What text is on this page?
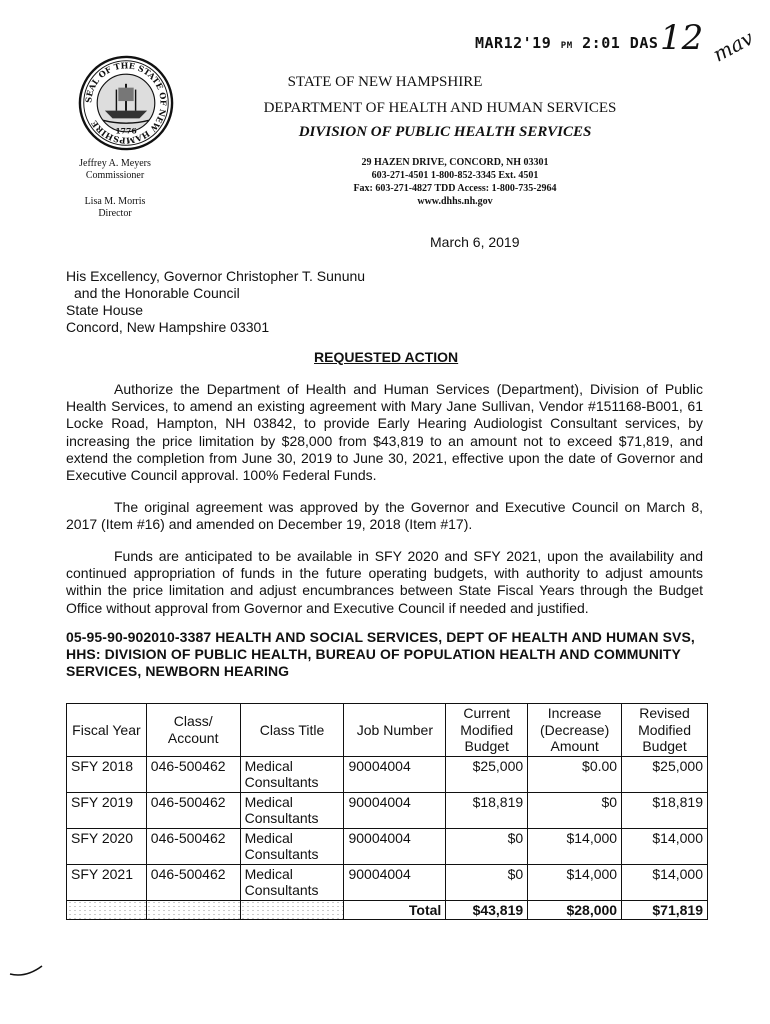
MAR12'19 PM 2:01 DAS 12 mav
SEAL OF THE STATE OF NEW HAMPSHIRE
1776
STATE OF NEW HAMPSHIRE
DEPARTMENT OF HEALTH AND HUMAN SERVICES
DIVISION OF PUBLIC HEALTH SERVICES
29 HAZEN DRIVE, CONCORD, NH 03301
603-271-4501 1-800-852-3345 Ext. 4501
Fax: 603-271-4827 TDD Access: 1-800-735-2964
www.dhhs.nh.gov
Jeffrey A. Meyers
Commissioner
Lisa M. Morris
Director
March 6, 2019
His Excellency, Governor Christopher T. Sununu
and the Honorable Council
State House
Concord, New Hampshire 03301
REQUESTED ACTION
Authorize the Department of Health and Human Services (Department), Division of Public Health Services, to amend an existing agreement with Mary Jane Sullivan, Vendor #151168-B001, 61 Locke Road, Hampton, NH 03842, to provide Early Hearing Audiologist Consultant services, by increasing the price limitation by $28,000 from $43,819 to an amount not to exceed $71,819, and extend the completion from June 30, 2019 to June 30, 2021, effective upon the date of Governor and Executive Council approval. 100% Federal Funds.
The original agreement was approved by the Governor and Executive Council on March 8, 2017 (Item #16) and amended on December 19, 2018 (Item #17).
Funds are anticipated to be available in SFY 2020 and SFY 2021, upon the availability and continued appropriation of funds in the future operating budgets, with authority to adjust amounts within the price limitation and adjust encumbrances between State Fiscal Years through the Budget Office without approval from Governor and Executive Council if needed and justified.
05-95-90-902010-3387 HEALTH AND SOCIAL SERVICES, DEPT OF HEALTH AND HUMAN SVS, HHS: DIVISION OF PUBLIC HEALTH, BUREAU OF POPULATION HEALTH AND COMMUNITY SERVICES, NEWBORN HEARING
Fiscal Year	Class/ Account	Class Title	Job Number	Current Modified Budget	Increase (Decrease) Amount	Revised Modified Budget
SFY 2018	046-500462	Medical Consultants	90004004	$25,000	$0.00	$25,000
SFY 2019	046-500462	Medical Consultants	90004004	$18,819	$0	$18,819
SFY 2020	046-500462	Medical Consultants	90004004	$0	$14,000	$14,000
SFY 2021	046-500462	Medical Consultants	90004004	$0	$14,000	$14,000
			Total	$43,819	$28,000	$71,819
